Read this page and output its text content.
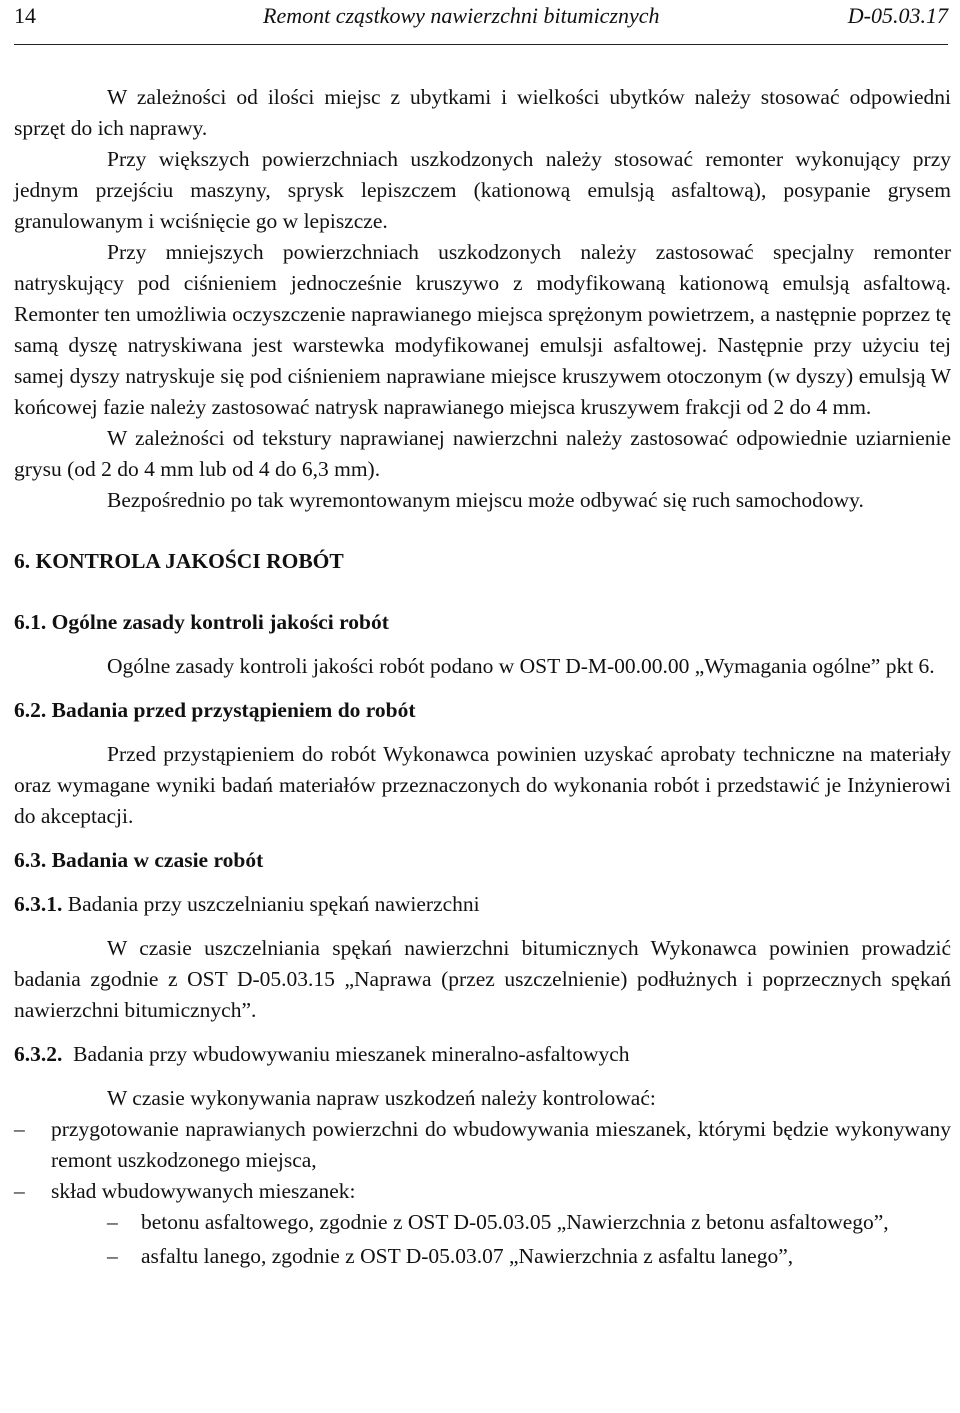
14	Remont cząstkowy nawierzchni bitumicznych	D-05.03.17

W zależności od ilości miejsc z ubytkami i wielkości ubytków należy stosować odpowiedni sprzęt do ich naprawy.

Przy większych powierzchniach uszkodzonych należy stosować remonter wykonujący przy jednym przejściu maszyny, sprysk lepiszczem (kationową emulsją asfaltową), posypanie grysem granulowanym i wciśnięcie go w lepiszcze.

Przy mniejszych powierzchniach uszkodzonych należy zastosować specjalny remonter natryskujący pod ciśnieniem jednocześnie kruszywo z modyfikowaną kationową emulsją asfaltową. Remonter ten umożliwia oczyszczenie naprawianego miejsca sprężonym powietrzem, a następnie poprzez tę samą dyszę natryskiwana jest warstewka modyfikowanej emulsji asfaltowej. Następnie przy użyciu tej samej dyszy natryskuje się pod ciśnieniem naprawiane miejsce kruszywem otoczonym (w dyszy) emulsją W końcowej fazie należy zastosować natrysk naprawianego miejsca kruszywem frakcji od 2 do 4 mm.

W zależności od tekstury naprawianej nawierzchni należy zastosować odpowiednie uziarnienie grysu (od 2 do 4 mm lub od 4 do 6,3 mm).

Bezpośrednio po tak wyremontowanym miejscu może odbywać się ruch samochodowy.

6. KONTROLA JAKOŚCI ROBÓT

6.1. Ogólne zasady kontroli jakości robót

Ogólne zasady kontroli jakości robót podano w OST D-M-00.00.00 „Wymagania ogólne” pkt 6.

6.2. Badania przed przystąpieniem do robót

Przed przystąpieniem do robót Wykonawca powinien uzyskać aprobaty techniczne na materiały oraz wymagane wyniki badań materiałów przeznaczonych do wykonania robót i przedstawić je Inżynierowi do akceptacji.

6.3. Badania w czasie robót

6.3.1. Badania przy uszczelnianiu spękań nawierzchni

W czasie uszczelniania spękań nawierzchni bitumicznych Wykonawca powinien prowadzić badania zgodnie z OST D-05.03.15 „Naprawa (przez uszczelnienie) podłużnych i poprzecznych spękań nawierzchni bitumicznych”.

6.3.2. Badania przy wbudowywaniu mieszanek mineralno-asfaltowych

W czasie wykonywania napraw uszkodzeń należy kontrolować:

– przygotowanie naprawianych powierzchni do wbudowywania mieszanek, którymi będzie wykonywany remont uszkodzonego miejsca,
– skład wbudowywanych mieszanek:
– betonu asfaltowego, zgodnie z OST D-05.03.05 „Nawierzchnia z betonu asfaltowego”,
– asfaltu lanego, zgodnie z OST D-05.03.07 „Nawierzchnia z asfaltu lanego”,
